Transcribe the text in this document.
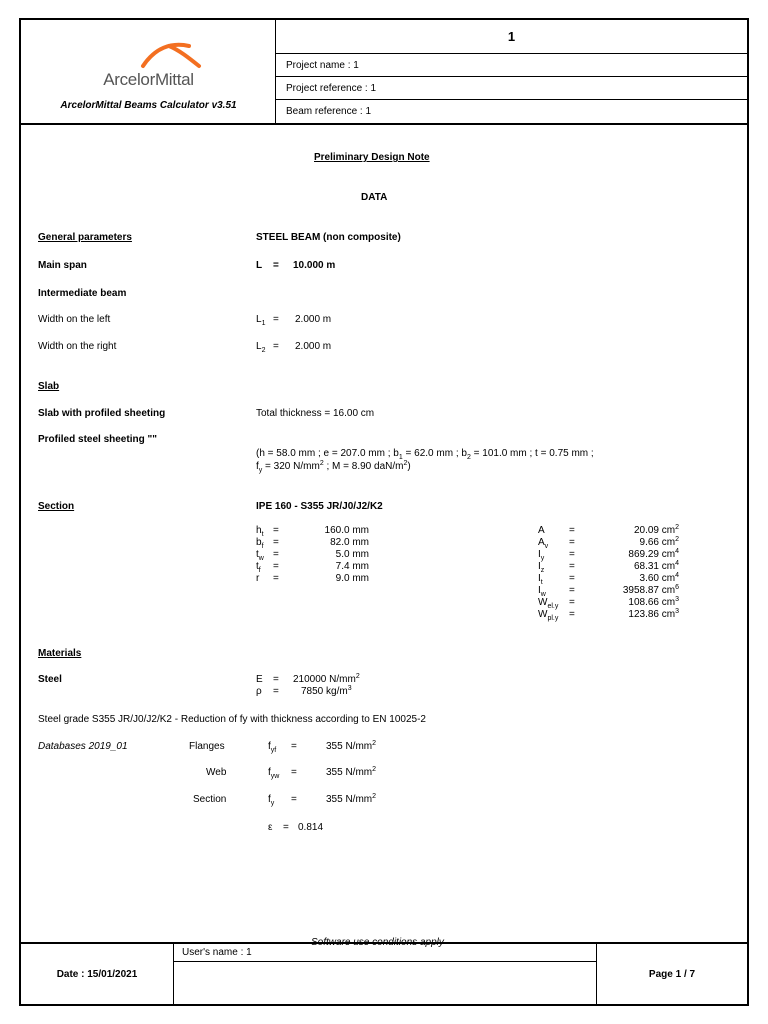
ArcelorMittal
ArcelorMittal Beams Calculator v3.51
1
Project name : 1
Project reference : 1
Beam reference : 1
Preliminary Design Note
DATA
General parameters	STEEL BEAM (non composite)
Main span	L = 10.000 m
Intermediate beam
Width on the left	$L_1 = 2.000$ m
Width on the right	$L_2 = 2.000$ m
Slab
Slab with profiled sheeting	Total thickness = 16.00 cm
Profiled steel sheeting ""
(h = 58.0 mm ; e = 207.0 mm ; $b_1 = 62.0$ mm ; $b_2 = 101.0$ mm ; t = 0.75 mm ;
$f_y = 320$ $N/mm^2$ ; M = 8.90 daN/$m^2$)
Section	IPE 160 - S355 JR/J0/J2/K2
$h_t$ =	160.0 mm
$b_f$ =	82.0 mm
$t_w$ =	5.0 mm
$t_f$ =	7.4 mm
r =	9.0 mm
A =	20.09 $cm^2$
$A_v$ =	9.66 $cm^2$
$I_y$ =	869.29 $cm^4$
$I_z$ =	68.31 $cm^4$
$I_t$	=	3.60 $cm^4$
$I_w$ =	3958.87 $cm^6$
$W_{el.y}$ =	108.66 $cm^3$
$W_{pl.y}$ =	123.86 $cm^3$
Materials
Steel	E = 210000 $N/mm^2$
ρ = 7850 $kg/m^3$
Steel grade S355 JR/J0/J2/K2 - Reduction of fy with thickness according to EN 10025-2
Databases 2019_01	Flanges	$f_{yf}$ =	355 $N/mm^2$
Web	$f_{yw}$ =	355 $N/mm^2$
Section	$f_y$ =	355 $N/mm^2$
ε = 0.814
Software use conditions apply
Date : 15/01/2021
User's name : 1
Page 1 / 7
